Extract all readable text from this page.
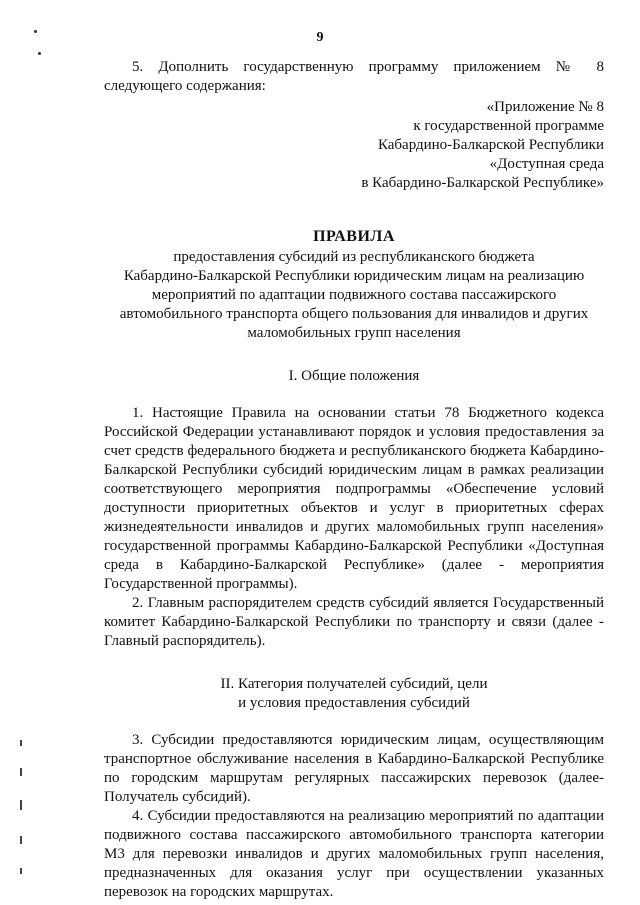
9

5. Дополнить государственную программу приложением № 8 следующего содержания:

«Приложение № 8
к государственной программе
Кабардино-Балкарской Республики
«Доступная среда
в Кабардино-Балкарской Республике»
ПРАВИЛА
предоставления субсидий из республиканского бюджета
Кабардино-Балкарской Республики юридическим лицам на реализацию
мероприятий по адаптации подвижного состава пассажирского
автомобильного транспорта общего пользования для инвалидов и других
маломобильных групп населения
I. Общие положения

1. Настоящие Правила на основании статьи 78 Бюджетного кодекса Российской Федерации устанавливают порядок и условия предоставления за счет средств федерального бюджета и республиканского бюджета Кабардино-Балкарской Республики субсидий юридическим лицам в рамках реализации соответствующего мероприятия подпрограммы «Обеспечение условий доступности приоритетных объектов и услуг в приоритетных сферах жизнедеятельности инвалидов и других маломобильных групп населения» государственной программы Кабардино-Балкарской Республики «Доступная среда в Кабардино-Балкарской Республике» (далее - мероприятия Государственной программы).

2. Главным распорядителем средств субсидий является Государственный комитет Кабардино-Балкарской Республики по транспорту и связи (далее - Главный распорядитель).

II. Категория получателей субсидий, цели
и условия предоставления субсидий

3. Субсидии предоставляются юридическим лицам, осуществляющим транспортное обслуживание населения в Кабардино-Балкарской Республике по городским маршрутам регулярных пассажирских перевозок (далее- Получатель субсидий).

4. Субсидии предоставляются на реализацию мероприятий по адаптации подвижного состава пассажирского автомобильного транспорта категории М3 для перевозки инвалидов и других маломобильных групп населения, предназначенных для оказания услуг при осуществлении указанных перевозок на городских маршрутах.
